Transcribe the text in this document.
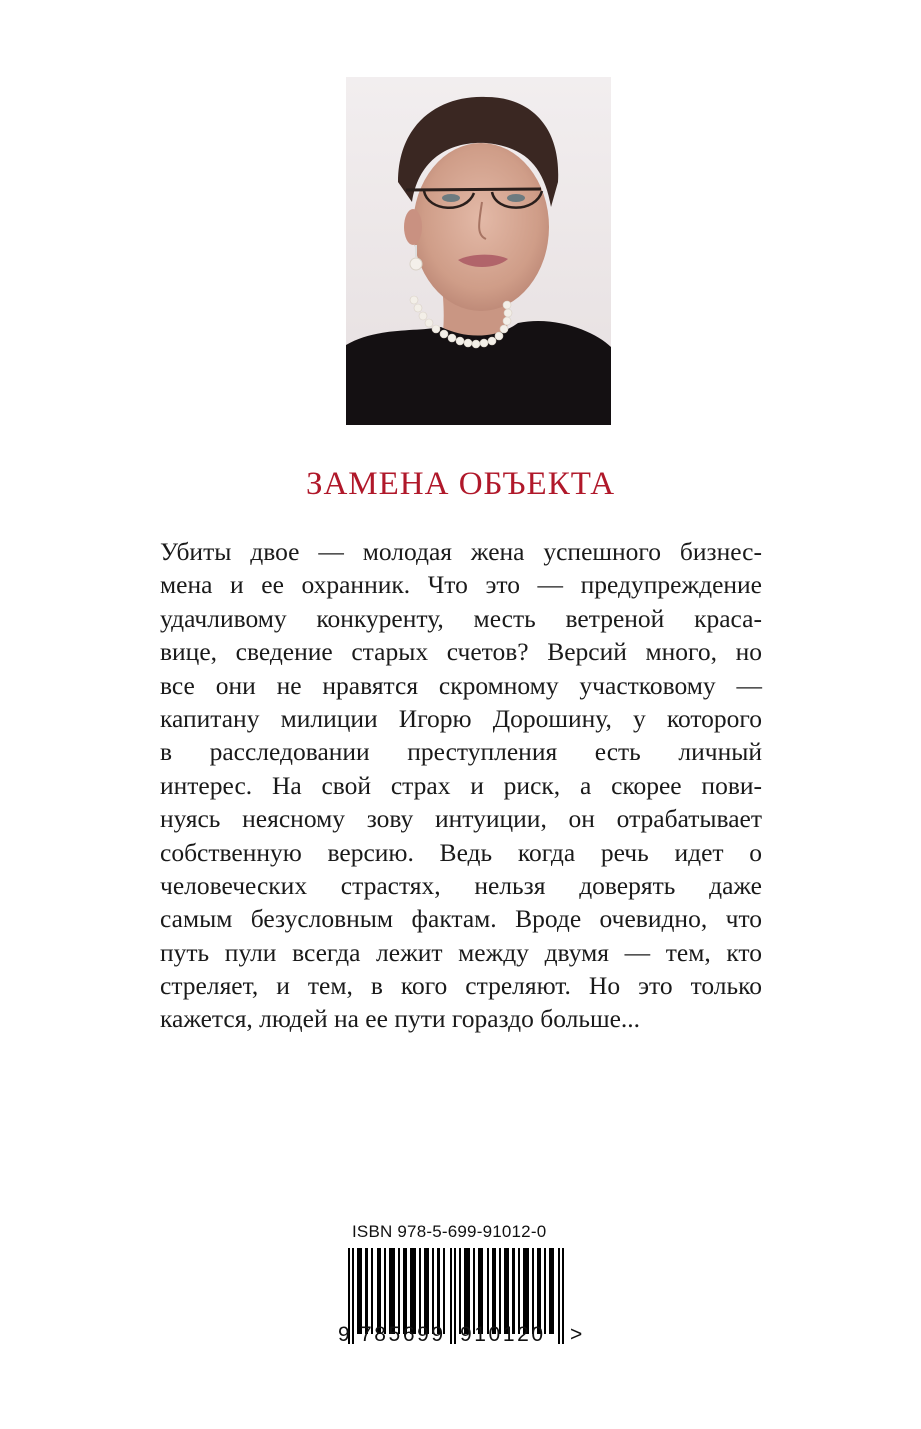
ЗАМЕНА ОБЪЕКТА
Убиты двое — молодая жена успешного бизнес-
мена и ее охранник. Что это — предупреждение
удачливому конкуренту, месть ветреной краса-
вице, сведение старых счетов? Версий много, но
все они не нравятся скромному участковому —
капитану милиции Игорю Дорошину, у которого
в расследовании преступления есть личный
интерес. На свой страх и риск, а скорее пови-
нуясь неясному зову интуиции, он отрабатывает
собственную версию. Ведь когда речь идет о
человеческих страстях, нельзя доверять даже
самым безусловным фактам. Вроде очевидно, что
путь пули всегда лежит между двумя — тем, кто
стреляет, и тем, в кого стреляют. Но это только
кажется, людей на ее пути гораздо больше...
ISBN 978-5-699-91012-0
9 785699 910120 >
